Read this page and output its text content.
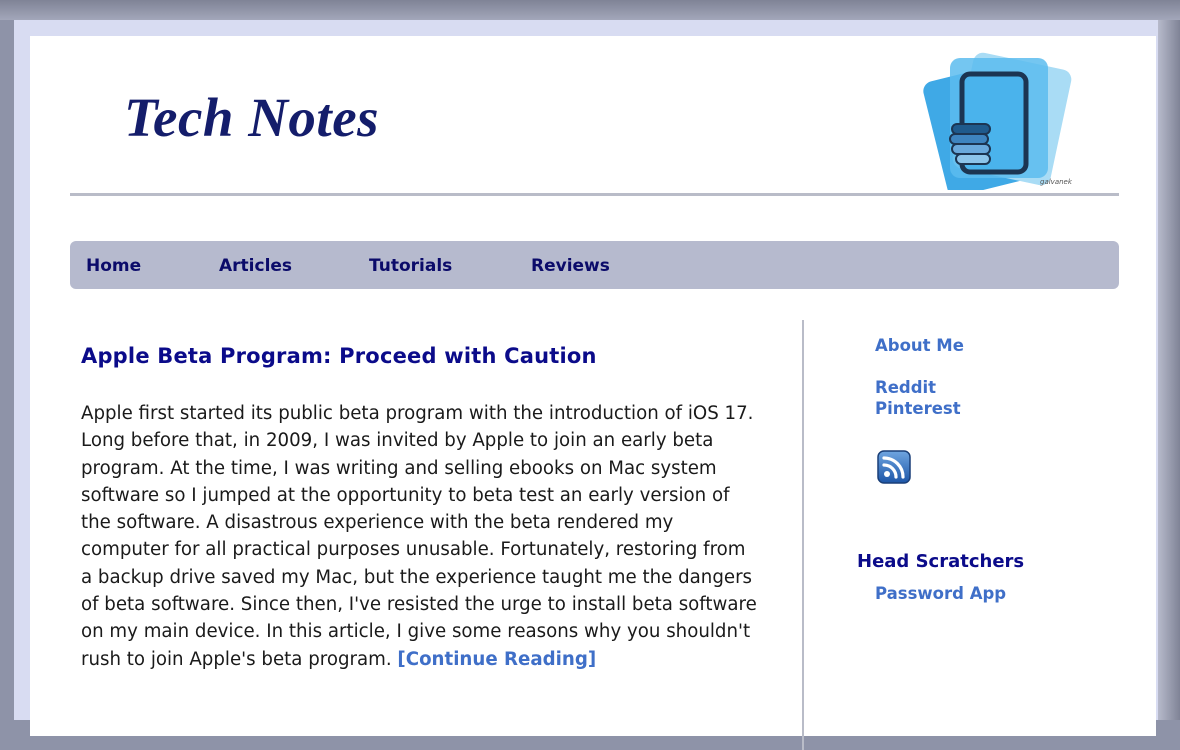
Tech Notes
galvanek
Home	Articles	Tutorials	Reviews
Apple Beta Program: Proceed with Caution

Apple first started its public beta program with the introduction of iOS 17. Long before that, in 2009, I was invited by Apple to join an early beta program. At the time, I was writing and selling ebooks on Mac system software so I jumped at the opportunity to beta test an early version of the software. A disastrous experience with the beta rendered my computer for all practical purposes unusable. Fortunately, restoring from a backup drive saved my Mac, but the experience taught me the dangers of beta software. Since then, I've resisted the urge to install beta software on my main device. In this article, I give some reasons why you shouldn't rush to join Apple's beta program. [Continue Reading]

About Me
Reddit
Pinterest
Head Scratchers
Password App
